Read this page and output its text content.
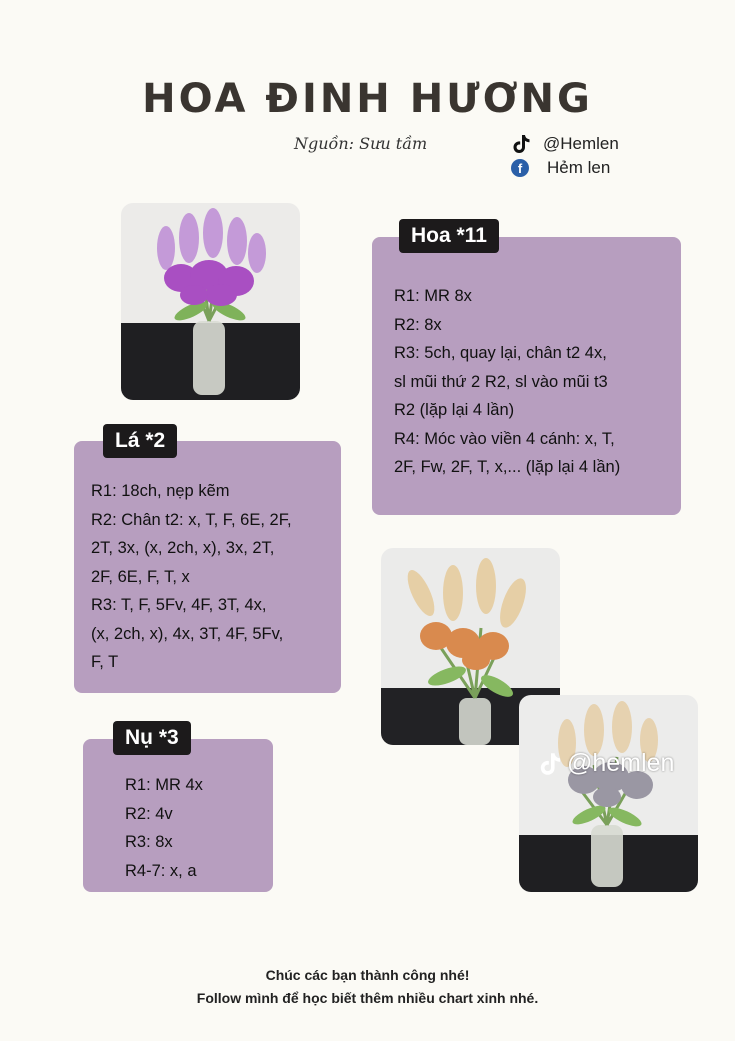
HOA ĐINH HƯƠNG
Nguồn: Sưu tầm	@Hemlen
f	Hẻm len
R1: MR 8x
R2: 8x
R3: 5ch, quay lại, chân t2 4x,
sl mũi thứ 2 R2, sl vào mũi t3
R2 (lặp lại 4 lần)
R4: Móc vào viền 4 cánh: x, T,
2F, Fw, 2F, T, x,... (lặp lại 4 lần)
Hoa *11
R1: 18ch, nẹp kẽm
R2: Chân t2: x, T, F, 6E, 2F,
2T, 3x, (x, 2ch, x), 3x, 2T,
2F, 6E, F, T, x
R3: T, F, 5Fv, 4F, 3T, 4x,
(x, 2ch, x), 4x, 3T, 4F, 5Fv,
F, T
Lá *2
@hemlen
R1: MR 4x
R2: 4v
R3: 8x
R4-7: x, a
Nụ *3
Chúc các bạn thành công nhé!
Follow mình để học biết thêm nhiều chart xinh nhé.
